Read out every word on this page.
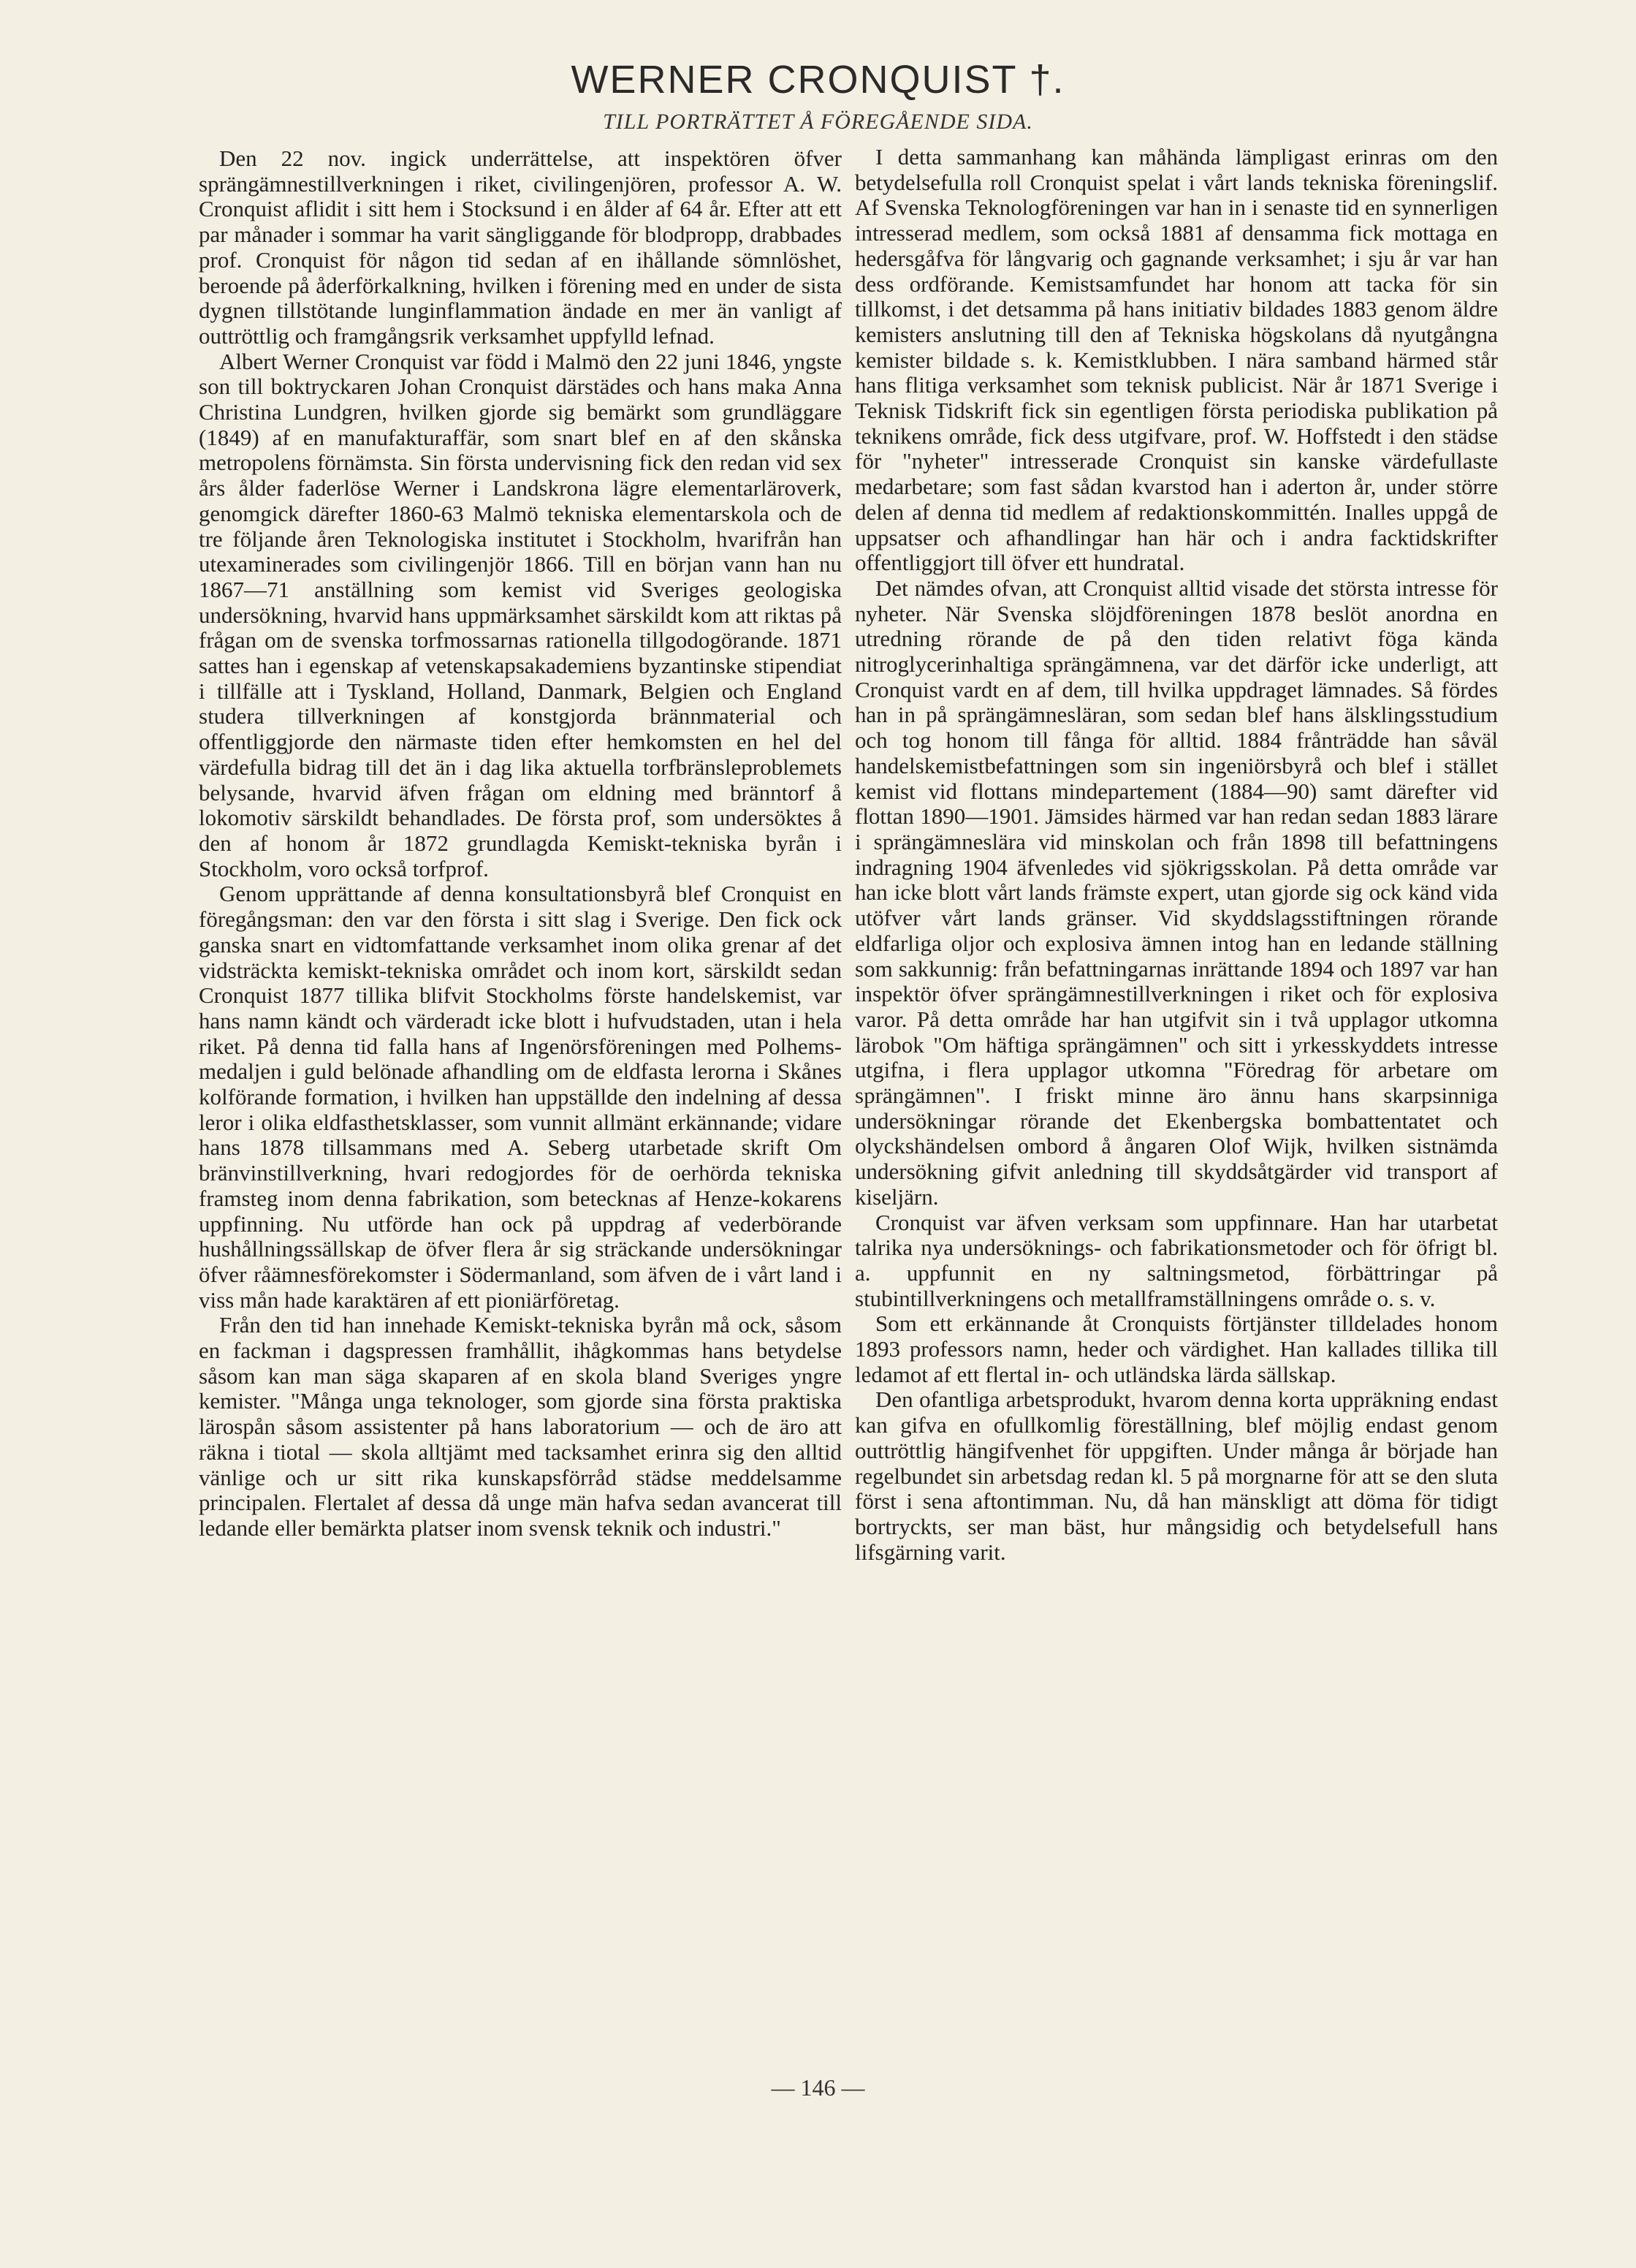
WERNER CRONQUIST †.
TILL PORTRÄTTET Å FÖREGÅENDE SIDA.

Den 22 nov. ingick underrättelse, att inspektören öfver sprängämnestillverkningen i riket, civilingenjören, professor A. W. Cronquist aflidit i sitt hem i Stocksund i en ålder af 64 år. Efter att ett par månader i sommar ha varit sängliggande för blodpropp, drabbades prof. Cronquist för någon tid sedan af en ihållande sömnlöshet, beroende på åderförkalkning, hvilken i förening med en under de sista dygnen tillstötande lunginflammation ändade en mer än vanligt af outtröttlig och framgångsrik verksamhet uppfylld lefnad.

Albert Werner Cronquist var född i Malmö den 22 juni 1846, yngste son till boktryckaren Johan Cronquist därstädes och hans maka Anna Christina Lundgren, hvilken gjorde sig bemärkt som grundläggare (1849) af en manufakturaffär, som snart blef en af den skånska metropolens förnämsta. Sin första undervisning fick den redan vid sex års ålder faderlöse Werner i Landskrona lägre elementarläroverk, genomgick därefter 1860-63 Malmö tekniska elementarskola och de tre följande åren Teknologiska institutet i Stockholm, hvarifrån han utexaminerades som civilingenjör 1866. Till en början vann han nu 1867—71 anställning som kemist vid Sveriges geologiska undersökning, hvarvid hans uppmärksamhet särskildt kom att riktas på frågan om de svenska torfmossarnas rationella tillgodogörande. 1871 sattes han i egenskap af vetenskapsakademiens byzantinske stipendiat i tillfälle att i Tyskland, Holland, Danmark, Belgien och England studera tillverkningen af konstgjorda brännmaterial och offentliggjorde den närmaste tiden efter hemkomsten en hel del värdefulla bidrag till det än i dag lika aktuella torfbränsleproblemets belysande, hvarvid äfven frågan om eldning med bränntorf å lokomotiv särskildt behandlades. De första prof, som undersöktes å den af honom år 1872 grundlagda Kemiskt-tekniska byrån i Stockholm, voro också torfprof.

Genom upprättande af denna konsultationsbyrå blef Cronquist en föregångsman: den var den första i sitt slag i Sverige. Den fick ock ganska snart en vidtomfattande verksamhet inom olika grenar af det vidsträckta kemiskt-tekniska området och inom kort, särskildt sedan Cronquist 1877 tillika blifvit Stockholms förste handelskemist, var hans namn kändt och värderadt icke blott i hufvudstaden, utan i hela riket. På denna tid falla hans af Ingenörsföreningen med Polhems-medaljen i guld belönade afhandling om de eldfasta lerorna i Skånes kolförande formation, i hvilken han uppställde den indelning af dessa leror i olika eldfasthetsklasser, som vunnit allmänt erkännande; vidare hans 1878 tillsammans med A. Seberg utarbetade skrift Om bränvinstillverkning, hvari redogjordes för de oerhörda tekniska framsteg inom denna fabrikation, som betecknas af Henze-kokarens uppfinning. Nu utförde han ock på uppdrag af vederbörande hushållningssällskap de öfver flera år sig sträckande undersökningar öfver råämnesförekomster i Södermanland, som äfven de i vårt land i viss mån hade karaktären af ett pioniärföretag.

Från den tid han innehade Kemiskt-tekniska byrån må ock, såsom en fackman i dagspressen framhållit, ihågkommas hans betydelse såsom kan man säga skaparen af en skola bland Sveriges yngre kemister. "Många unga teknologer, som gjorde sina första praktiska lärospån såsom assistenter på hans laboratorium — och de äro att räkna i tiotal — skola alltjämt med tacksamhet erinra sig den alltid vänlige och ur sitt rika kunskapsförråd städse meddelsamme principalen. Flertalet af dessa då unge män hafva sedan avancerat till ledande eller bemärkta platser inom svensk teknik och industri."

I detta sammanhang kan måhända lämpligast erinras om den betydelsefulla roll Cronquist spelat i vårt lands tekniska föreningslif. Af Svenska Teknologföreningen var han in i senaste tid en synnerligen intresserad medlem, som också 1881 af densamma fick mottaga en hedersgåfva för långvarig och gagnande verksamhet; i sju år var han dess ordförande. Kemistsamfundet har honom att tacka för sin tillkomst, i det detsamma på hans initiativ bildades 1883 genom äldre kemisters anslutning till den af Tekniska högskolans då nyutgångna kemister bildade s. k. Kemistklubben. I nära samband härmed står hans flitiga verksamhet som teknisk publicist. När år 1871 Sverige i Teknisk Tidskrift fick sin egentligen första periodiska publikation på teknikens område, fick dess utgifvare, prof. W. Hoffstedt i den städse för "nyheter" intresserade Cronquist sin kanske värdefullaste medarbetare; som fast sådan kvarstod han i aderton år, under större delen af denna tid medlem af redaktionskommittén. Inalles uppgå de uppsatser och afhandlingar han här och i andra facktidskrifter offentliggjort till öfver ett hundratal.

Det nämdes ofvan, att Cronquist alltid visade det största intresse för nyheter. När Svenska slöjdföreningen 1878 beslöt anordna en utredning rörande de på den tiden relativt föga kända nitroglycerinhaltiga sprängämnena, var det därför icke underligt, att Cronquist vardt en af dem, till hvilka uppdraget lämnades. Så fördes han in på sprängämnesläran, som sedan blef hans älsklingsstudium och tog honom till fånga för alltid. 1884 frånträdde han såväl handelskemistbefattningen som sin ingeniörsbyrå och blef i stället kemist vid flottans mindepartement (1884—90) samt därefter vid flottan 1890—1901. Jämsides härmed var han redan sedan 1883 lärare i sprängämneslära vid minskolan och från 1898 till befattningens indragning 1904 äfvenledes vid sjökrigsskolan. På detta område var han icke blott vårt lands främste expert, utan gjorde sig ock känd vida utöfver vårt lands gränser. Vid skyddslagsstiftningen rörande eldfarliga oljor och explosiva ämnen intog han en ledande ställning som sakkunnig: från befattningarnas inrättande 1894 och 1897 var han inspektör öfver sprängämnestillverkningen i riket och för explosiva varor. På detta område har han utgifvit sin i två upplagor utkomna lärobok "Om häftiga sprängämnen" och sitt i yrkesskyddets intresse utgifna, i flera upplagor utkomna "Föredrag för arbetare om sprängämnen". I friskt minne äro ännu hans skarpsinniga undersökningar rörande det Ekenbergska bombattentatet och olyckshändelsen ombord å ångaren Olof Wijk, hvilken sistnämda undersökning gifvit anledning till skyddsåtgärder vid transport af kiseljärn.

Cronquist var äfven verksam som uppfinnare. Han har utarbetat talrika nya undersöknings- och fabrikationsmetoder och för öfrigt bl. a. uppfunnit en ny saltningsmetod, förbättringar på stubintillverkningens och metallframställningens område o. s. v.

Som ett erkännande åt Cronquists förtjänster tilldelades honom 1893 professors namn, heder och värdighet. Han kallades tillika till ledamot af ett flertal in- och utländska lärda sällskap.

Den ofantliga arbetsprodukt, hvarom denna korta uppräkning endast kan gifva en ofullkomlig föreställning, blef möjlig endast genom outtröttlig hängifvenhet för uppgiften. Under många år började han regelbundet sin arbetsdag redan kl. 5 på morgnarne för att se den sluta först i sena aftontimman. Nu, då han mänskligt att döma för tidigt bortryckts, ser man bäst, hur mångsidig och betydelsefull hans lifsgärning varit.

— 146 —
